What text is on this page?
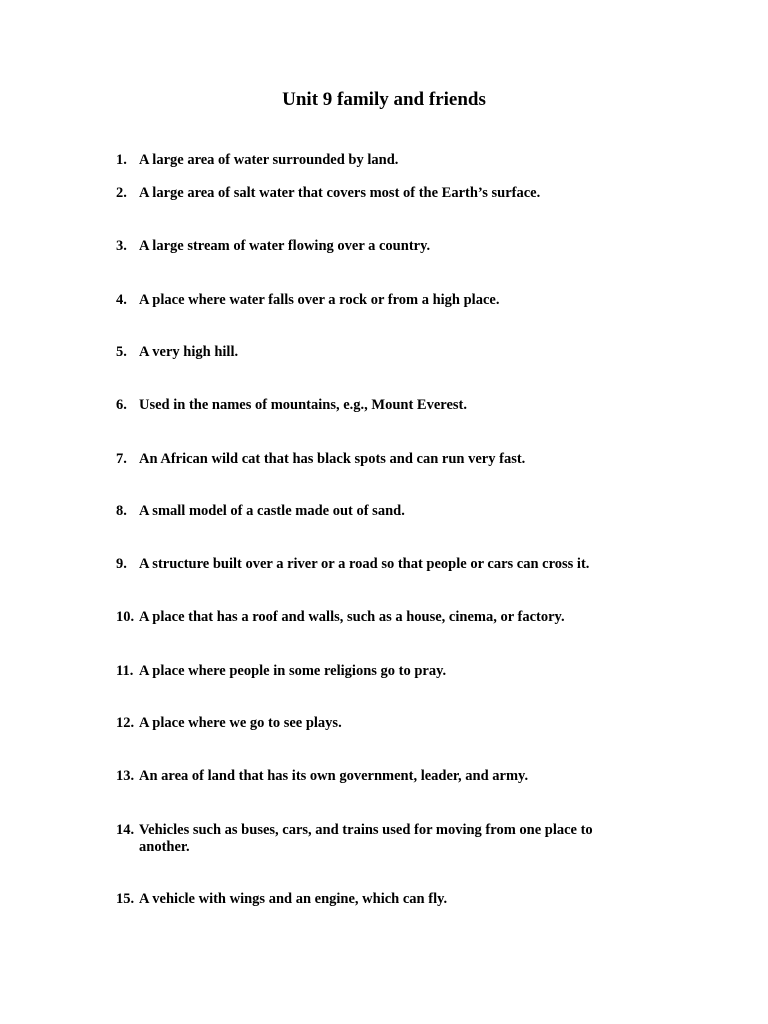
Unit 9 family and friends
1. A large area of water surrounded by land.
2. A large area of salt water that covers most of the Earth’s surface.
3. A large stream of water flowing over a country.
4. A place where water falls over a rock or from a high place.
5. A very high hill.
6. Used in the names of mountains, e.g., Mount Everest.
7. An African wild cat that has black spots and can run very fast.
8. A small model of a castle made out of sand.
9. A structure built over a river or a road so that people or cars can cross it.
10. A place that has a roof and walls, such as a house, cinema, or factory.
11. A place where people in some religions go to pray.
12. A place where we go to see plays.
13. An area of land that has its own government, leader, and army.
14. Vehicles such as buses, cars, and trains used for moving from one place to another.
15. A vehicle with wings and an engine, which can fly.
